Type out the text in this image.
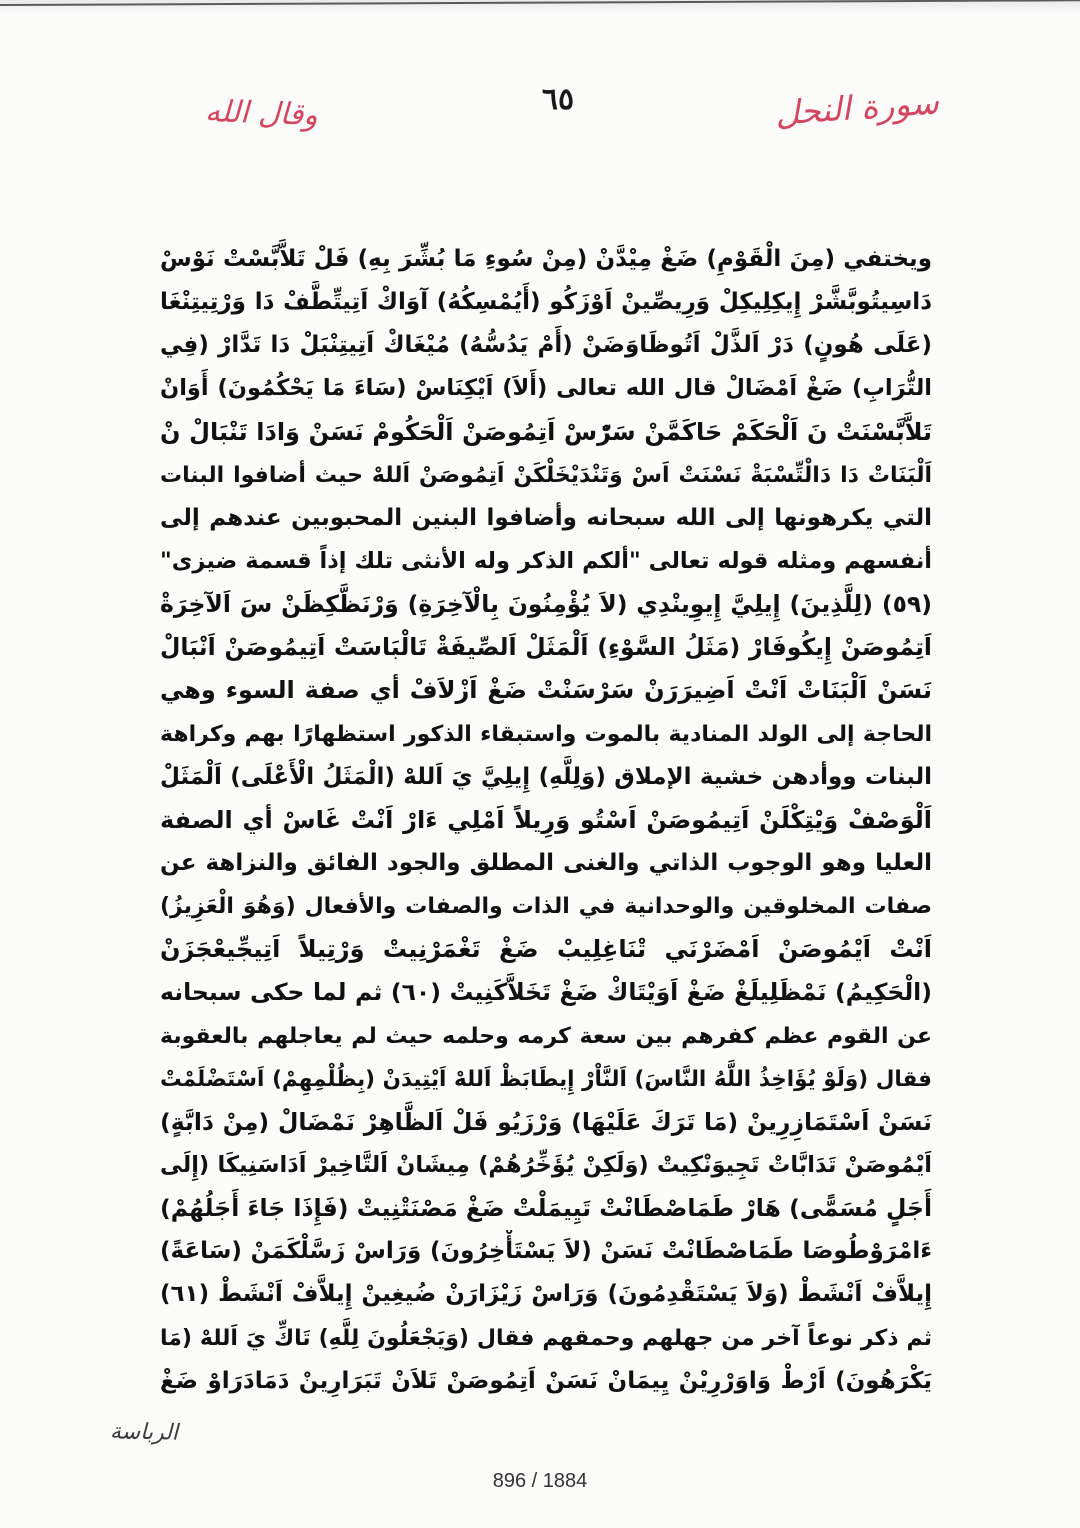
وقال الله	٦٥	سورة النحل
ويختفي (مِنَ الْقَوْمِ) ضَغْ مِيْدَّنْ (مِنْ سُوءِ مَا بُشِّرَ بِهِ) فَلْ تَلاَّبَّسْتْ نَوْسْ
دَاسِيتُوبَّشَّرْ إِيكِلِيكِلْ وَرِيصِّينْ اَوْزَكُو (أَيُمْسِكُهُ) آوَاكْ اَتِيتِّطَّفْ دَا وَرْتِيتِنْغَا
(عَلَى هُونٍ) دَرْ اَلذَّلْ اَتُوظَاوَضَنْ (أَمْ يَدُسُّهُ) مُيْغَاكْ اَتِيتِنْبَلْ دَا تَدَّارْ (فِي
التُّرَابِ) ضَغْ اَمْضَالْ قال الله تعالى (أَلاَ) اَيْكِنَاسْ (سَاءَ مَا يَحْكُمُونَ) أَوَانْ
تَلاَّبَّسْنَتْ نَ اَلْحَكَمْ حَاكَمَّنْ سَرّْسْ اَتِمُوصَنْ اَلْحَكُومْ نَسَنْ وَادَا تَنْبَالْ نْ
اَلْبَنَاتْ دَا دَالْتِّسْبَةْ نَسْنَتْ اَسْ وَتَنْدَيْخَلْكَنْ اَتِمُوصَنْ اَللهْ حيث أضافوا البنات
التي يكرهونها إلى الله سبحانه وأضافوا البنين المحبوبين عندهم إلى
أنفسهم ومثله قوله تعالى "ألكم الذكر وله الأنثى تلك إذاً قسمة ضيزى"
(٥٩) (لِلَّذِينَ) إِيلِيَّ إِيوِينْدِي (لاَ يُؤْمِنُونَ بِالْآخِرَةِ) وَرْنَظَّكِظَنْ سَ اَلآخِرَةْ
اَتِمُوصَنْ إِيكُوفَارْ (مَثَلُ السَّوْءِ) اَلْمَثَلْ اَلصِّيفَةْ تَالْبَاسَتْ اَتِيمُوصَنْ اَنْبَالْ
نَسَنْ اَلْبَنَاتْ اَنْتْ اَضِيرَرَنْ سَرْسَنْتْ ضَغْ اَزْلاَفْ أي صفة السوء وهي
الحاجة إلى الولد المنادية بالموت واستبقاء الذكور استظهارًا بهم وكراهة
البنات ووأدهن خشية الإملاق (وَلِلَّهِ) إِيلِيَّ يَ اَللهْ (الْمَثَلُ الْأَعْلَى) اَلْمَثَلْ
اَلْوَصْفْ وَيْتِكْلَنْ اَتِيمُوصَنْ اَسْتُو وَرِيلاً اَمْلِي ءَارْ اَنْتْ غَاسْ أي الصفة
العليا وهو الوجوب الذاتي والغنى المطلق والجود الفائق والنزاهة عن
صفات المخلوقين والوحدانية في الذات والصفات والأفعال (وَهُوَ الْعَزِيزُ)
اَنْتْ اَيْمُوصَنْ اَمْضَرْنَي تْنَاغِلِيبْ ضَغْ تَغْمَرْنِيتْ وَرْتِيلاً اَتِيجِّيعْجَزَنْ
(الْحَكِيمُ) نَمْظَلِيلَغْ ضَغْ اَوَيْتَاكْ ضَغْ تَخَلاَّكَنِيتْ (٦٠) ثم لما حكى سبحانه
عن القوم عظم كفرهم بين سعة كرمه وحلمه حيث لم يعاجلهم بالعقوبة
فقال (وَلَوْ يُؤَاخِذُ اللَّهُ النَّاسَ) اَلنَّاْرْ إِيطَابَظْ اَللهْ اَيْتِيدَنْ (بِظُلْمِهِمْ) اَسْتَضْلَمْتْ
نَسَنْ اَسْتَمَازِرِينْ (مَا تَرَكَ عَلَيْهَا) وَرْزَيُو فَلْ اَلظَّاهِرْ نَمْضَالْ (مِنْ دَابَّةٍ)
اَيْمُوصَنْ تَدَابَّاتْ تَجِيوَنْكِيتْ (وَلَكِنْ يُؤَخِّرُهُمْ) مِيشَانْ اَلتَّاخِيرْ اَدَاسَنِيكَا (إِلَى
أَجَلٍ مُسَمًّى) هَارْ طَمَاصْطَانْتْ تَيِيمَلْتْ ضَغْ مَصْنَتْنِيتْ (فَإِذَا جَاءَ أَجَلُهُمْ)
ءَامْرَوْطُوصَا طَمَاصْطَانْتْ نَسَنْ (لاَ يَسْتَأْخِرُونَ) وَرَاسْ زَسَّلْكَمَنْ (سَاعَةً)
إِيلاَّفْ اَنْشَطْ (وَلاَ يَسْتَقْدِمُونَ) وَرَاسْ زَيْزَارَنْ ضُيغِينْ إِيلاَّفْ اَنْشَطْ (٦١)
ثم ذكر نوعاً آخر من جهلهم وحمقهم فقال (وَيَجْعَلُونَ لِلَّهِ) تَاكِّ يَ اَللهْ (مَا
يَكْرَهُونَ) اَرْطْ وَاوَرْرِيْنْ يِيمَانْ نَسَنْ اَتِمُوصَنْ تَلاَنْ تَبَرَارِينْ دَمَادَرَاوْ ضَغْ
الرباسة
896 / 1884
